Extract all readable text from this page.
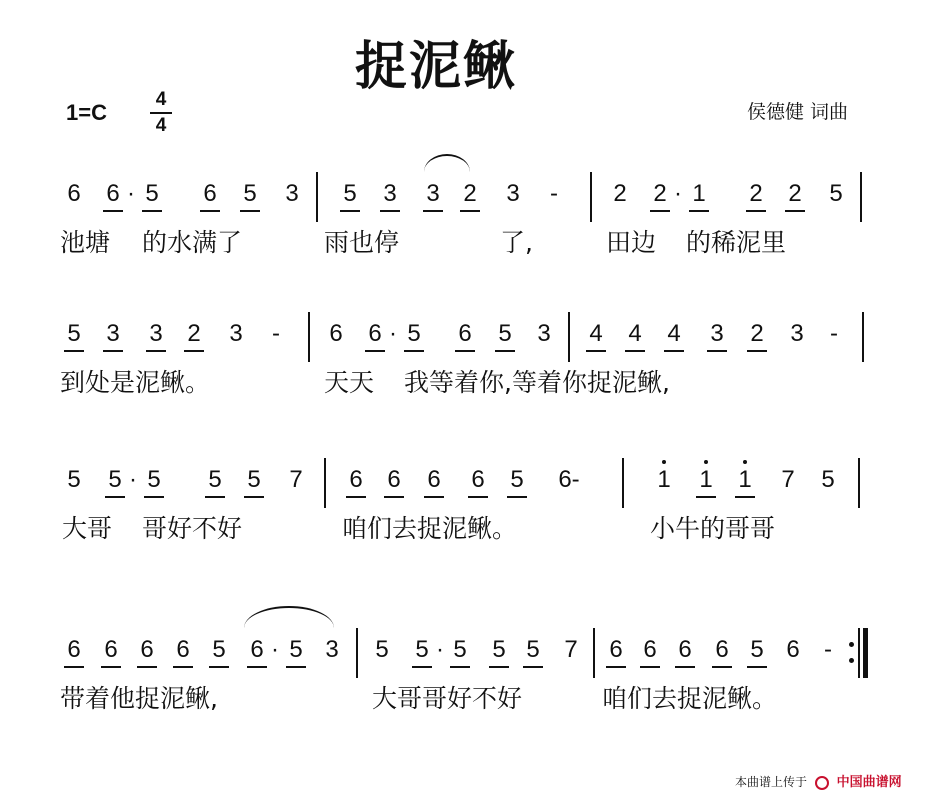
捉泥鳅
1=C
4
4
侯德健 词曲
6 6 · 5 6 5 3 5 3 3 2 3 - 2 2 · 1 2 2 5
池塘 的水满了	雨也停	了,	田边 的稀泥里
5 3 3 2 3 - 6 6 · 5 6 5 3 4 4 4 3 2 3 -
到处是泥鳅。	天天 我等着你,等着你捉泥鳅,
5 5 · 5 5 5 7 6 6 6 6 5 6-	1 1 1 7 5
大哥 哥好不好	咱们去捉泥鳅。	小牛的哥哥
6 6 6 6 5 6 · 5 3 5 5 · 5 5 5 7 6 6 6 6 5 6 -
带着他捉泥鳅,	大哥哥好不好	咱们去捉泥鳅。
本曲谱上传于 中国曲谱网
